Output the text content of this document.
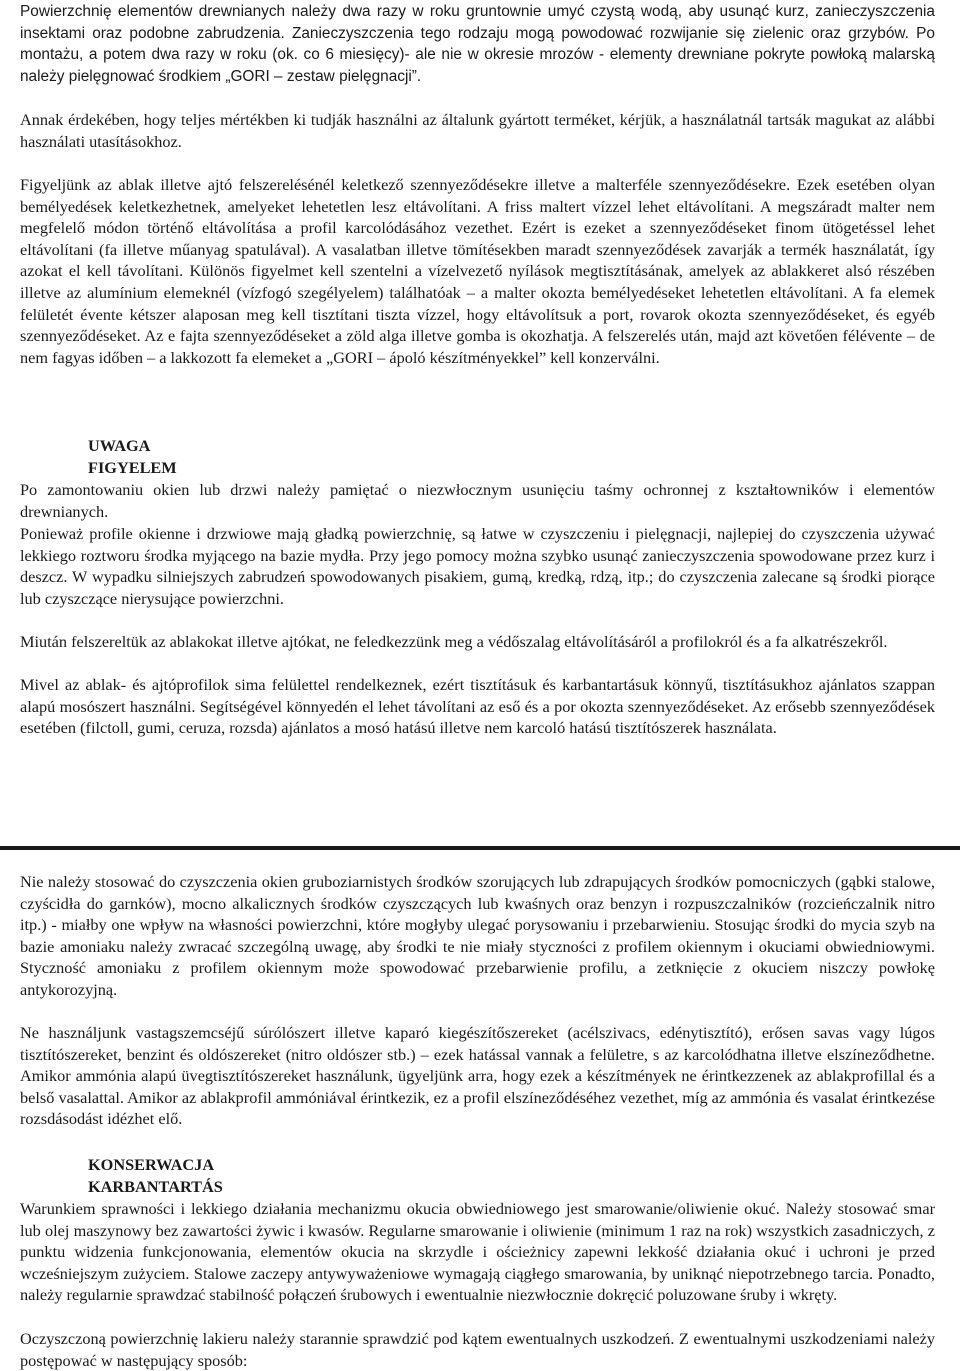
Powierzchnię elementów drewnianych należy dwa razy w roku gruntownie umyć czystą wodą, aby usunąć kurz, zanieczyszczenia insektami oraz podobne zabrudzenia. Zanieczyszczenia tego rodzaju mogą powodować rozwijanie się zielenic oraz grzybów. Po montażu, a potem dwa razy w roku (ok. co 6 miesięcy)- ale nie w okresie mrozów - elementy drewniane pokryte powłoką malarską należy pielęgnować środkiem „GORI – zestaw pielęgnacji”.

Annak érdekében, hogy teljes mértékben ki tudják használni az általunk gyártott terméket, kérjük, a használatnál tartsák magukat az alábbi használati utasításokhoz.

Figyeljünk az ablak illetve ajtó felszerelésénél keletkező szennyeződésekre illetve a malterféle szennyeződésekre. Ezek esetében olyan bemélyedések keletkezhetnek, amelyeket lehetetlen lesz eltávolítani. A friss maltert vízzel lehet eltávolítani. A megszáradt malter nem megfelelő módon történő eltávolítása a profil karcolódásához vezethet. Ezért is ezeket a szennyeződéseket finom ütögetéssel lehet eltávolítani (fa illetve műanyag spatulával). A vasalatban illetve tömítésekben maradt szennyeződések zavarják a termék használatát, így azokat el kell távolítani. Különös figyelmet kell szentelni a vízelvezető nyílások megtisztításának, amelyek az ablakkeret alsó részében illetve az alumínium elemeknél (vízfogó szegélyelem) találhatóak – a malter okozta bemélyedéseket lehetetlen eltávolítani. A fa elemek felületét évente kétszer alaposan meg kell tisztítani tiszta vízzel, hogy eltávolítsuk a port, rovarok okozta szennyeződéseket, és egyéb szennyeződéseket. Az e fajta szennyeződéseket a zöld alga illetve gomba is okozhatja. A felszerelés után, majd azt követően félévente – de nem fagyas időben – a lakkozott fa elemeket a „GORI – ápoló készítményekkel” kell konzerválni.

UWAGA
FIGYELEM

Po zamontowaniu okien lub drzwi należy pamiętać o niezwłocznym usunięciu taśmy ochronnej z kształtowników i elementów drewnianych.

Ponieważ profile okienne i drzwiowe mają gładką powierzchnię, są łatwe w czyszczeniu i pielęgnacji, najlepiej do czyszczenia używać lekkiego roztworu środka myjącego na bazie mydła. Przy jego pomocy można szybko usunąć zanieczyszczenia spowodowane przez kurz i deszcz. W wypadku silniejszych zabrudzeń spowodowanych pisakiem, gumą, kredką, rdzą, itp.; do czyszczenia zalecane są środki piorące lub czyszczące nierysujące powierzchni.

Miután felszereltük az ablakokat illetve ajtókat, ne feledkezzünk meg a védőszalag eltávolításáról a profilokról és a fa alkatrészekről.

Mivel az ablak- és ajtóprofilok sima felülettel rendelkeznek, ezért tisztításuk és karbantartásuk könnyű, tisztításukhoz ajánlatos szappan alapú mosószert használni. Segítségével könnyedén el lehet távolítani az eső és a por okozta szennyeződéseket. Az erősebb szennyeződések esetében (filctoll, gumi, ceruza, rozsda) ajánlatos a mosó hatású illetve nem karcoló hatású tisztítószerek használata.

Nie należy stosować do czyszczenia okien gruboziarnistych środków szorujących lub zdrapujących środków pomocniczych (gąbki stalowe, czyścidła do garnków), mocno alkalicznych środków czyszczących lub kwaśnych oraz benzyn i rozpuszczalników (rozcieńczalnik nitro itp.) - miałby one wpływ na własności powierzchni, które mogłyby ulegać porysowaniu i przebarwieniu. Stosując środki do mycia szyb na bazie amoniaku należy zwracać szczególną uwagę, aby środki te nie miały styczności z profilem okiennym i okuciami obwiedniowymi. Styczność amoniaku z profilem okiennym może spowodować przebarwienie profilu, a zetknięcie z okuciem niszczy powłokę antykorozyjną.

Ne használjunk vastagszemcséjű súrólószert illetve kaparó kiegészítőszereket (acélszivacs, edénytisztító), erősen savas vagy lúgos tisztítószereket, benzint és oldószereket (nitro oldószer stb.) – ezek hatással vannak a felületre, s az karcolódhatna illetve elszíneződhetne. Amikor ammónia alapú üvegtisztítószereket használunk, ügyeljünk arra, hogy ezek a készítmények ne érintkezzenek az ablakprofillal és a belső vasalattal. Amikor az ablakprofil ammóniával érintkezik, ez a profil elszíneződéséhez vezethet, míg az ammónia és vasalat érintkezése rozsdásodást idézhet elő.

KONSERWACJA
KARBANTARTÁS

Warunkiem sprawności i lekkiego działania mechanizmu okucia obwiedniowego jest smarowanie/oliwienie okuć. Należy stosować smar lub olej maszynowy bez zawartości żywic i kwasów. Regularne smarowanie i oliwienie (minimum 1 raz na rok) wszystkich zasadniczych, z punktu widzenia funkcjonowania, elementów okucia na skrzydle i ościeżnicy zapewni lekkość działania okuć i uchroni je przed wcześniejszym zużyciem. Stalowe zaczepy antywyważeniowe wymagają ciągłego smarowania, by uniknąć niepotrzebnego tarcia. Ponadto, należy regularnie sprawdzać stabilność połączeń śrubowych i ewentualnie niezwłocznie dokręcić poluzowane śruby i wkręty.

Oczyszczoną powierzchnię lakieru należy starannie sprawdzić pod kątem ewentualnych uszkodzeń. Z ewentualnymi uszkodzeniami należy postępować w następujący sposób:
